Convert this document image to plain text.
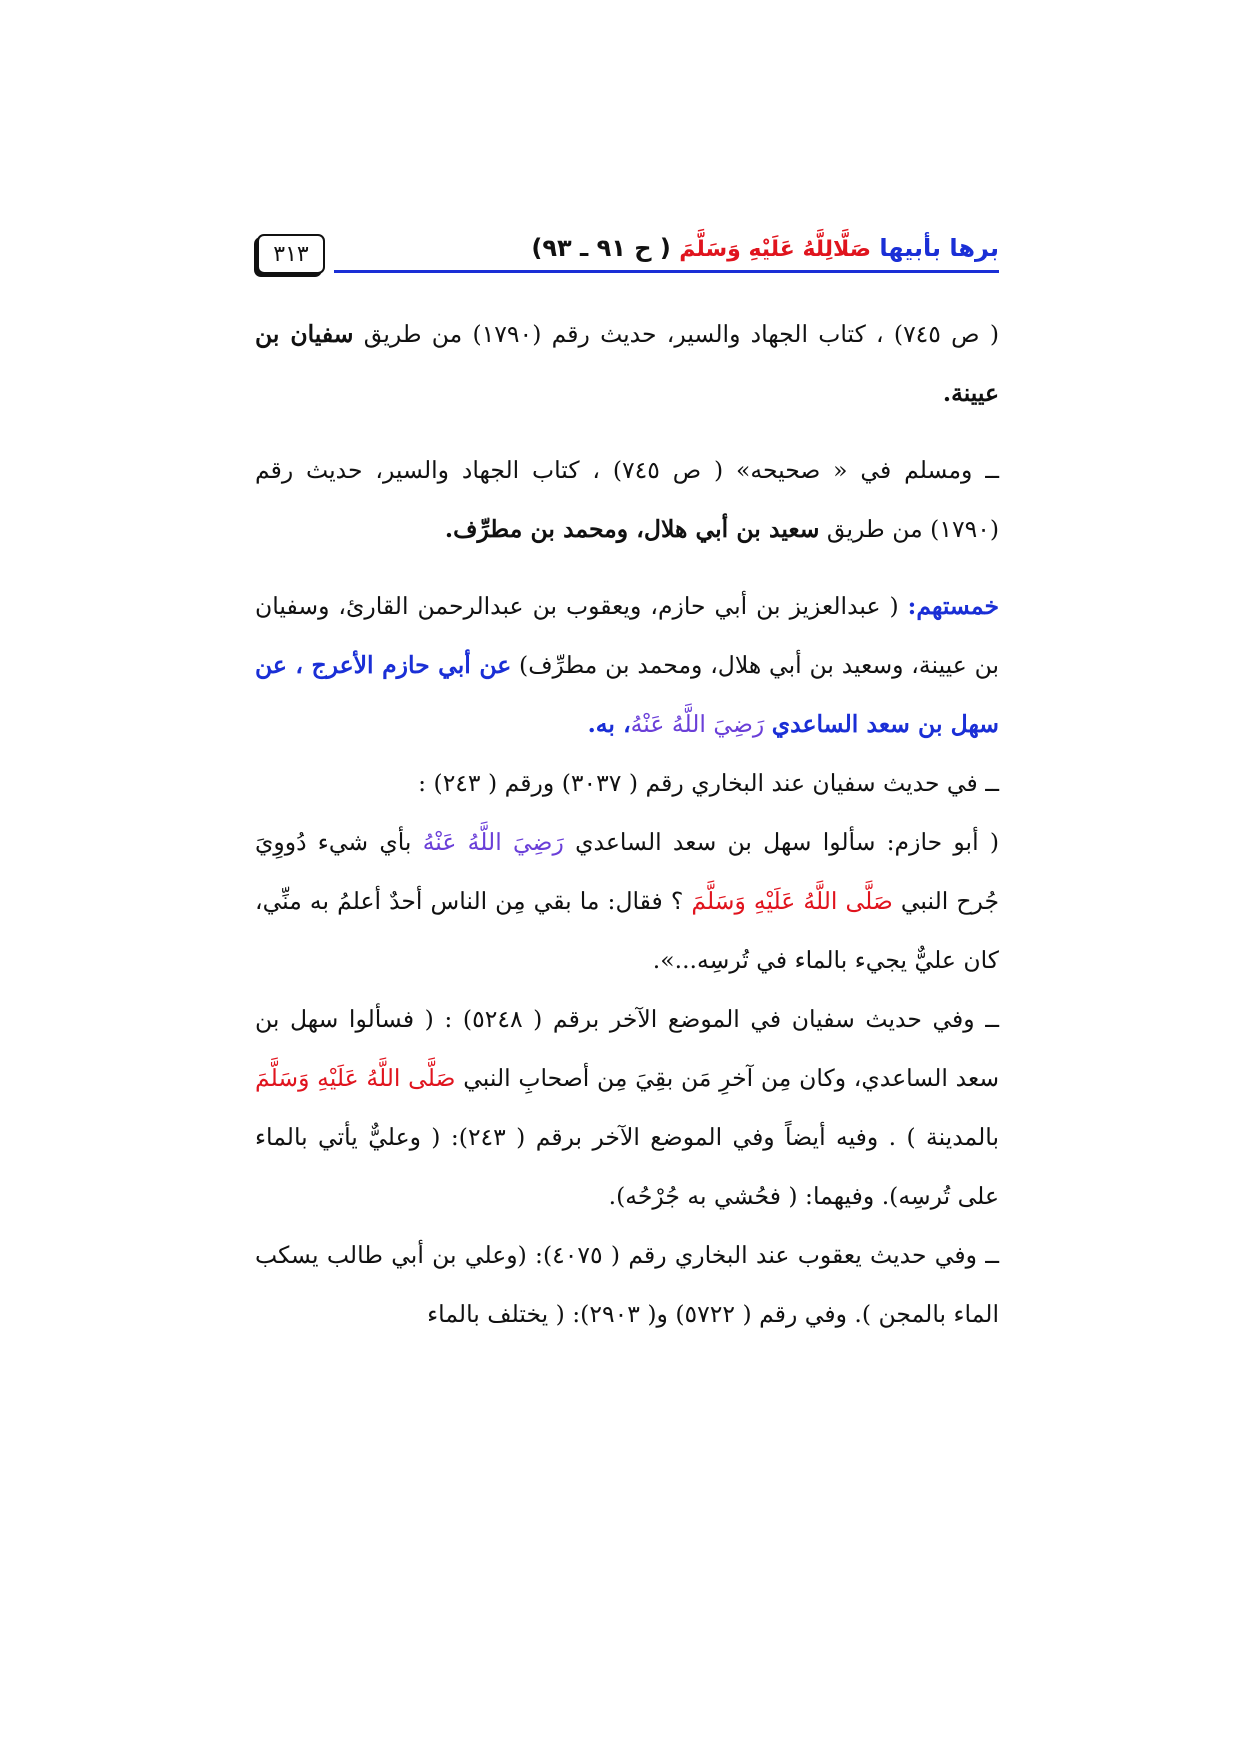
برها بأبيها صَلَّالِلَّهُ عَلَيْهِ وَسَلَّمَ ( ح ٩١ ـ ٩٣)
٣١٣

( ص ٧٤٥) ، كتاب الجهاد والسير، حديث رقم (١٧٩٠) من طريق سفيان بن عيينة.

ــ ومسلم في « صحيحه» ( ص ٧٤٥) ، كتاب الجهاد والسير، حديث رقم (١٧٩٠) من طريق سعيد بن أبي هلال، ومحمد بن مطرِّف.

خمستهم: ( عبدالعزيز بن أبي حازم، ويعقوب بن عبدالرحمن القارئ، وسفيان بن عيينة، وسعيد بن أبي هلال، ومحمد بن مطرِّف) عن أبي حازم الأعرج ، عن سهل بن سعد الساعدي رَضِيَ اللَّهُ عَنْهُ، به.

ــ في حديث سفيان عند البخاري رقم ( ٣٠٣٧) ورقم ( ٢٤٣) :
( أبو حازم: سألوا سهل بن سعد الساعدي رَضِيَ اللَّهُ عَنْهُ بأي شيء دُووِيَ جُرح النبي صَلَّى اللَّهُ عَلَيْهِ وَسَلَّمَ ؟ فقال: ما بقي مِن الناس أحدٌ أعلمُ به منِّي، كان عليٌّ يجيء بالماء في تُرسِه...».

ــ وفي حديث سفيان في الموضع الآخر برقم ( ٥٢٤٨) : ( فسألوا سهل بن سعد الساعدي، وكان مِن آخرِ مَن بقِيَ مِن أصحابِ النبي صَلَّى اللَّهُ عَلَيْهِ وَسَلَّمَ بالمدينة ) . وفيه أيضاً وفي الموضع الآخر برقم ( ٢٤٣): ( وعليٌّ يأتي بالماء على تُرسِه). وفيهما: ( فحُشي به جُرْحُه).

ــ وفي حديث يعقوب عند البخاري رقم ( ٤٠٧٥): (وعلي بن أبي طالب يسكب الماء بالمجن ). وفي رقم ( ٥٧٢٢) و( ٢٩٠٣): ( يختلف بالماء
